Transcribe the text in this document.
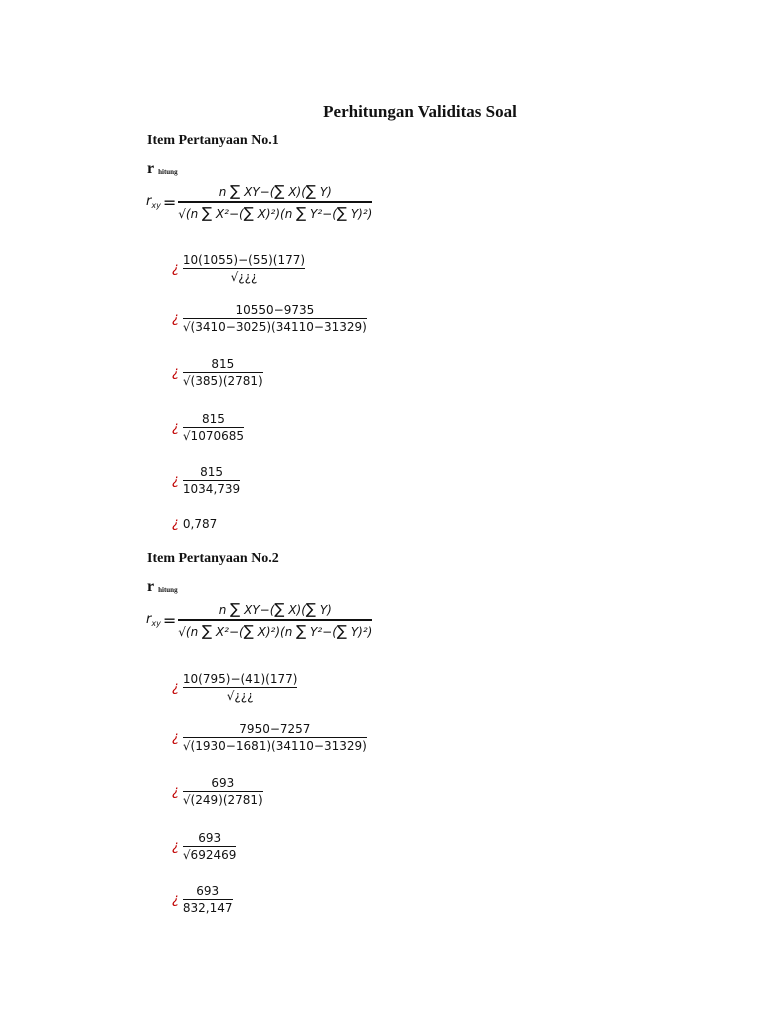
Perhitungan Validitas Soal
Item Pertanyaan No.1
rhitung
$r_{xy} = \frac{n \sum XY-(\sum X)(\sum Y)}{\text{√(n ∑ X²−(∑ X)²)(n ∑ Y²−(∑ Y)²)}}$
¿ $\frac{10(1055)-(55)(177)}{√¿¿¿}$
¿ $\frac{10550-9735}{√(3410-3025)(34110-31329)}$
¿ $\frac{815}{√(385)(2781)}$
¿ $\frac{815}{√1070685}$
¿ $\frac{815}{1034,739}$
¿ 0,787
Item Pertanyaan No.2
rhitung
$r_{xy} = \frac{n \sum XY-(\sum X)(\sum Y)}{\text{√(n ∑ X²−(∑ X)²)(n ∑ Y²−(∑ Y)²)}}$
¿ $\frac{10(795)-(41)(177)}{√¿¿¿}$
¿ $\frac{7950-7257}{√(1930-1681)(34110-31329)}$
¿ $\frac{693}{√(249)(2781)}$
¿ $\frac{693}{√692469}$
¿ $\frac{693}{832,147}$
